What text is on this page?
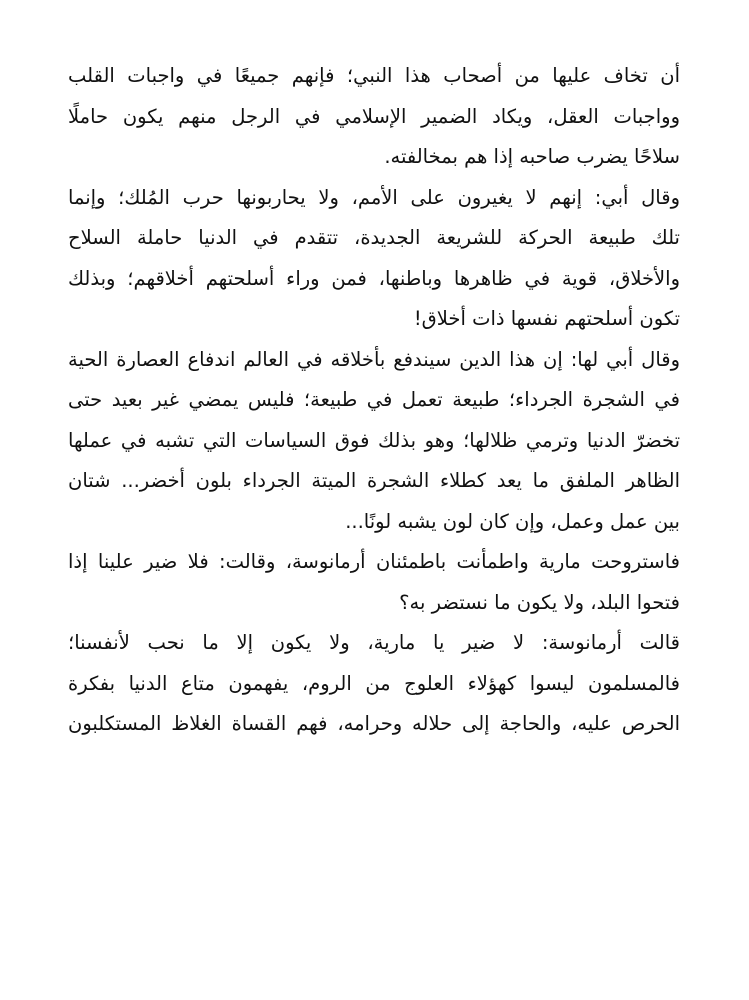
أن تخاف عليها من أصحاب هذا النبي؛ فإنهم جميعًا في واجبات القلب
وواجبات العقل، ويكاد الضمير الإسلامي في الرجل منهم يكون حاملًا
سلاحًا يضرب صاحبه إذا هم بمخالفته.
وقال أبي: إنهم لا يغيرون على الأمم، ولا يحاربونها حرب المُلك؛ وإنما
تلك طبيعة الحركة للشريعة الجديدة، تتقدم في الدنيا حاملة السلاح
والأخلاق، قوية في ظاهرها وباطنها، فمن وراء أسلحتهم أخلاقهم؛ وبذلك
تكون أسلحتهم نفسها ذات أخلاق!
وقال أبي لها: إن هذا الدين سيندفع بأخلاقه في العالم اندفاع العصارة الحية
في الشجرة الجرداء؛ طبيعة تعمل في طبيعة؛ فليس يمضي غير بعيد حتى
تخضرّ الدنيا وترمي ظلالها؛ وهو بذلك فوق السياسات التي تشبه في عملها
الظاهر الملفق ما يعد كطلاء الشجرة الميتة الجرداء بلون أخضر... شتان
بين عمل وعمل، وإن كان لون يشبه لونًا...
فاستروحت مارية واطمأنت باطمئنان أرمانوسة، وقالت: فلا ضير علينا إذا
فتحوا البلد، ولا يكون ما نستضر به؟
قالت أرمانوسة: لا ضير يا مارية، ولا يكون إلا ما نحب لأنفسنا؛
فالمسلمون ليسوا كهؤلاء العلوج من الروم، يفهمون متاع الدنيا بفكرة
الحرص عليه، والحاجة إلى حلاله وحرامه، فهم القساة الغلاظ المستكلبون
